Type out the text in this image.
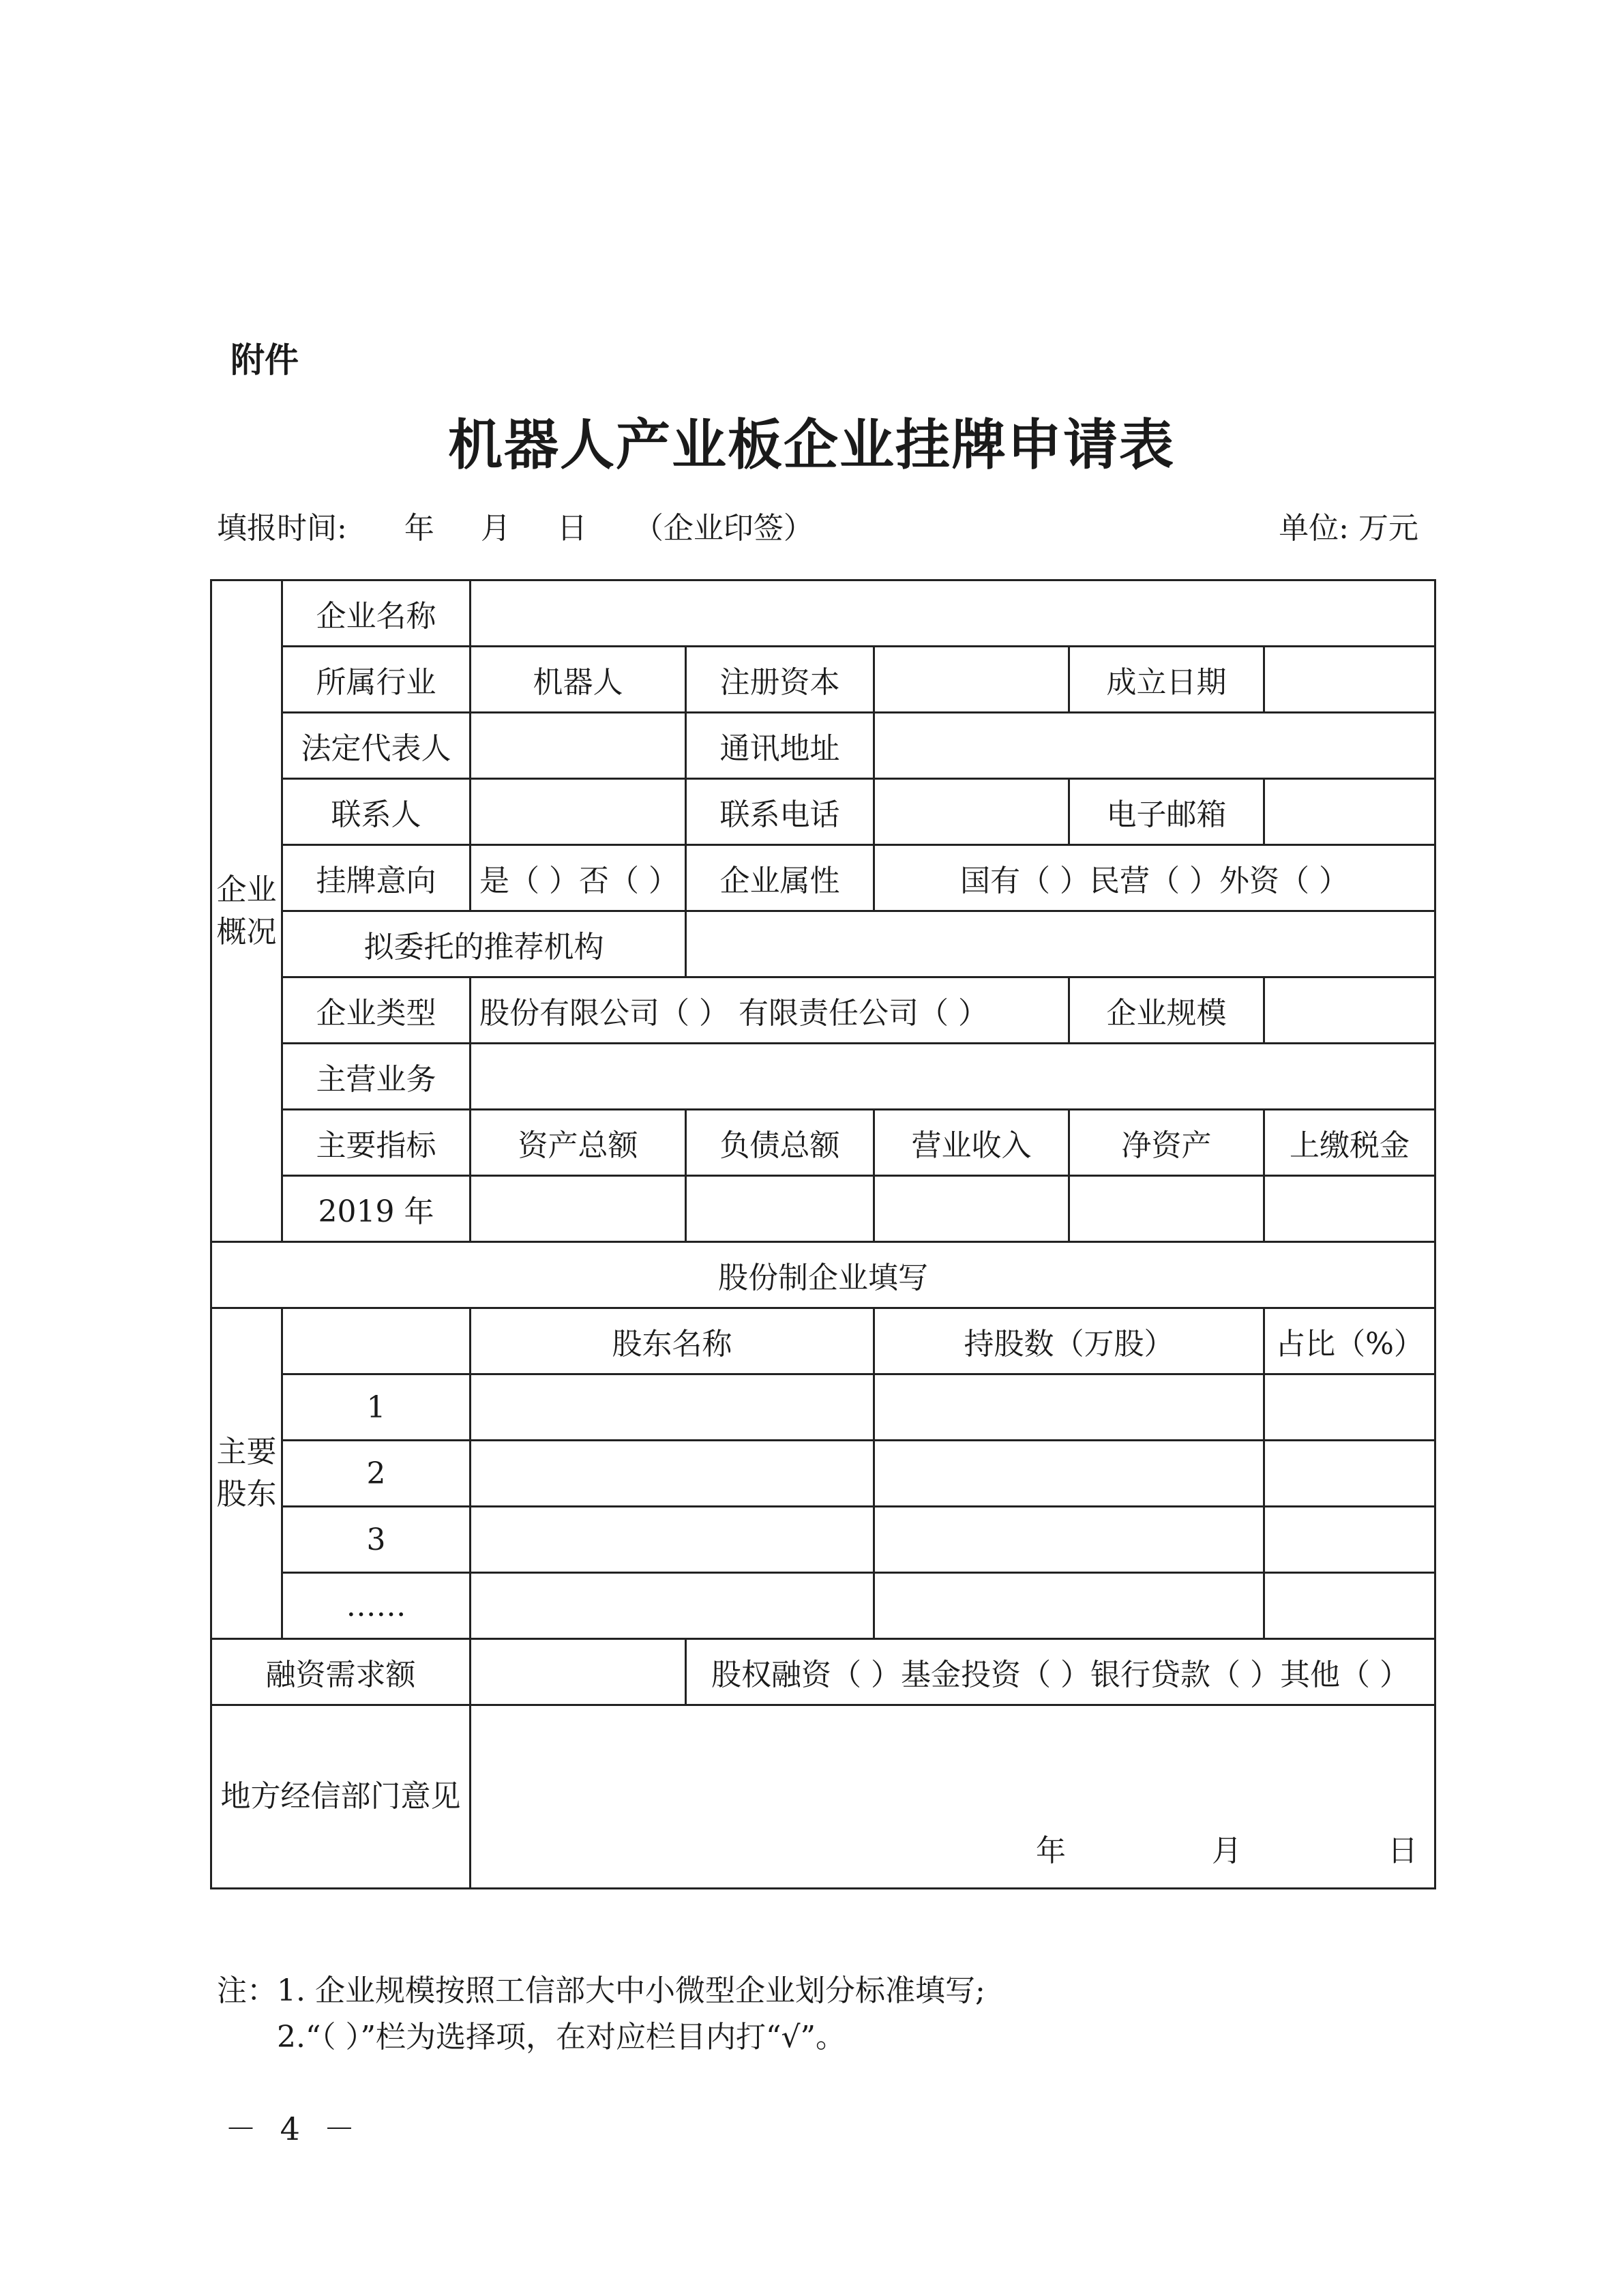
附件
机器人产业板企业挂牌申请表
填报时间: 年 月 日 （企业印签）	单位: 万元
企业概况	企业名称					
	所属行业	机器人	注册资本		成立日期	
	法定代表人		通讯地址			
	联系人		联系电话		电子邮箱	
	挂牌意向	是（ ）否（ ）	企业属性	国有（ ）民营（ ）外资（ ）		
	拟委托的推荐机构					
	企业类型	股份有限公司（ ） 有限责任公司（ ）			企业规模	
	主营业务					
	主要指标	资产总额	负债总额	营业收入	净资产	上缴税金
	2019 年					
股份制企业填写						
主要股东		股东名称		持股数（万股）		占比（%）
	1					
	2					
	3					
	……					
融资需求额			股权融资（ ）基金投资（ ）银行贷款（ ）其他（ ）			
地方经信部门意见		年 月 日				
注：1. 企业规模按照工信部大中小微型企业划分标准填写;
2.“（ ）”栏为选择项，在对应栏目内打“√”。
－ 4 －
